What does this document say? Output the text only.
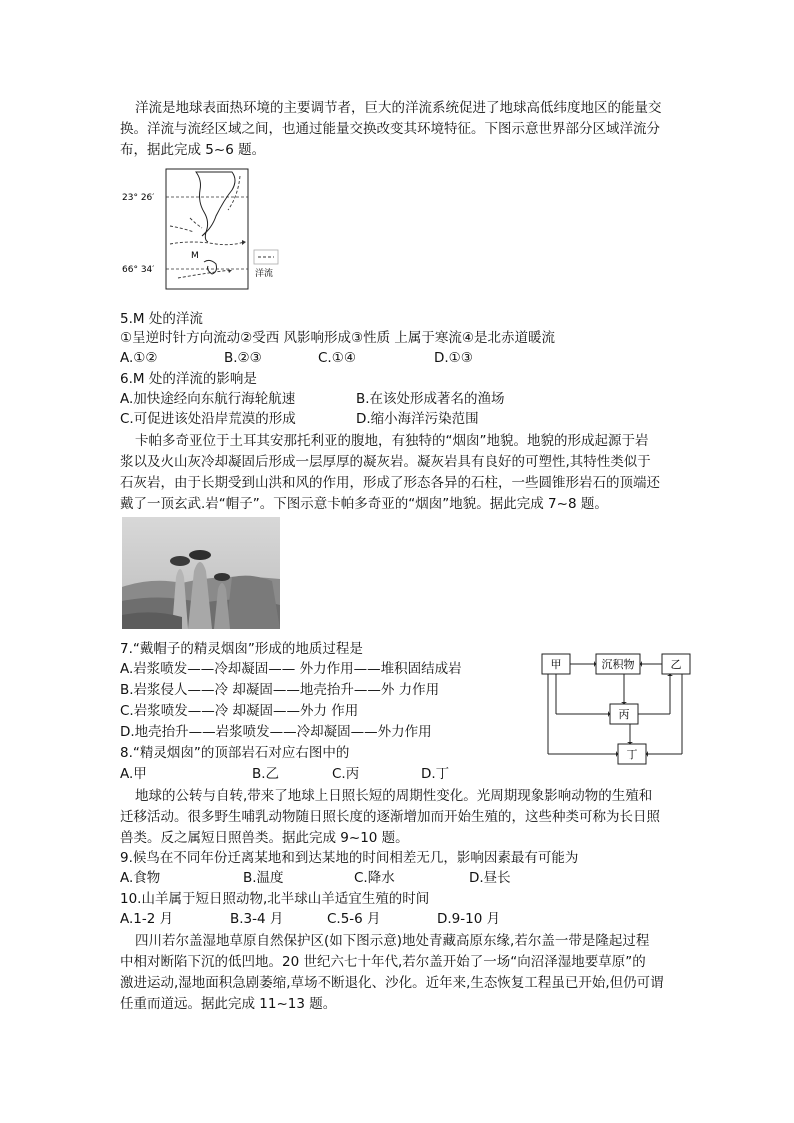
洋流是地球表面热环境的主要调节者，巨大的洋流系统促进了地球高低纬度地区的能量交
换。洋流与流经区域之间，也通过能量交换改变其环境特征。下图示意世界部分区域洋流分
布，据此完成 5~6 题。
23° 26′
66° 34′
M
洋流
5.M 处的洋流
①呈逆时针方向流动②受西 风影响形成③性质 上属于寒流④是北赤道暖流
A.①②	B.②③	C.①④	D.①③
6.M 处的洋流的影响是
A.加快途经向东航行海轮航速	B.在该处形成著名的渔场
C.可促进该处沿岸荒漠的形成	D.缩小海洋污染范围
卡帕多奇亚位于土耳其安那托利亚的腹地，有独特的“烟囱”地貌。地貌的形成起源于岩
浆以及火山灰冷却凝固后形成一层厚厚的凝灰岩。凝灰岩具有良好的可塑性,其特性类似于
石灰岩，由于长期受到山洪和风的作用，形成了形态各异的石柱，一些圆锥形岩石的顶端还
戴了一顶玄武.岩“帽子”。下图示意卡帕多奇亚的“烟囱”地貌。据此完成 7~8 题。
7.“戴帽子的精灵烟囱”形成的地质过程是
A.岩浆喷发——冷却凝固—— 外力作用——堆积固结成岩
B.岩浆侵人——冷 却凝固——地壳抬升——外 力作用
C.岩浆喷发——冷 却凝固——外力 作用
D.地壳抬升——岩浆喷发——冷却凝固——外力作用
甲	沉积物	乙
丙
丁
8.“精灵烟囱”的顶部岩石对应右图中的
A.甲	B.乙	C.丙	D.丁
地球的公转与自转,带来了地球上日照长短的周期性变化。光周期现象影响动物的生殖和
迁移活动。很多野生哺乳动物随日照长度的逐渐增加而开始生殖的，这些种类可称为长日照
兽类。反之属短日照兽类。据此完成 9~10 题。
9.候鸟在不同年份迁离某地和到达某地的时间相差无几，影响因素最有可能为
A.食物	B.温度	C.降水	D.昼长
10.山羊属于短日照动物,北半球山羊适宜生殖的时间
A.1-2 月	B.3-4 月	C.5-6 月	D.9-10 月
四川若尔盖湿地草原自然保护区(如下图示意)地处青藏高原东缘,若尔盖一带是隆起过程
中相对断陷下沉的低凹地。20 世纪六七十年代,若尔盖开始了一场“向沼泽湿地要草原”的
激进运动,湿地面积急剧萎缩,草场不断退化、沙化。近年来,生态恢复工程虽已开始,但仍可谓
任重而道远。据此完成 11~13 题。
